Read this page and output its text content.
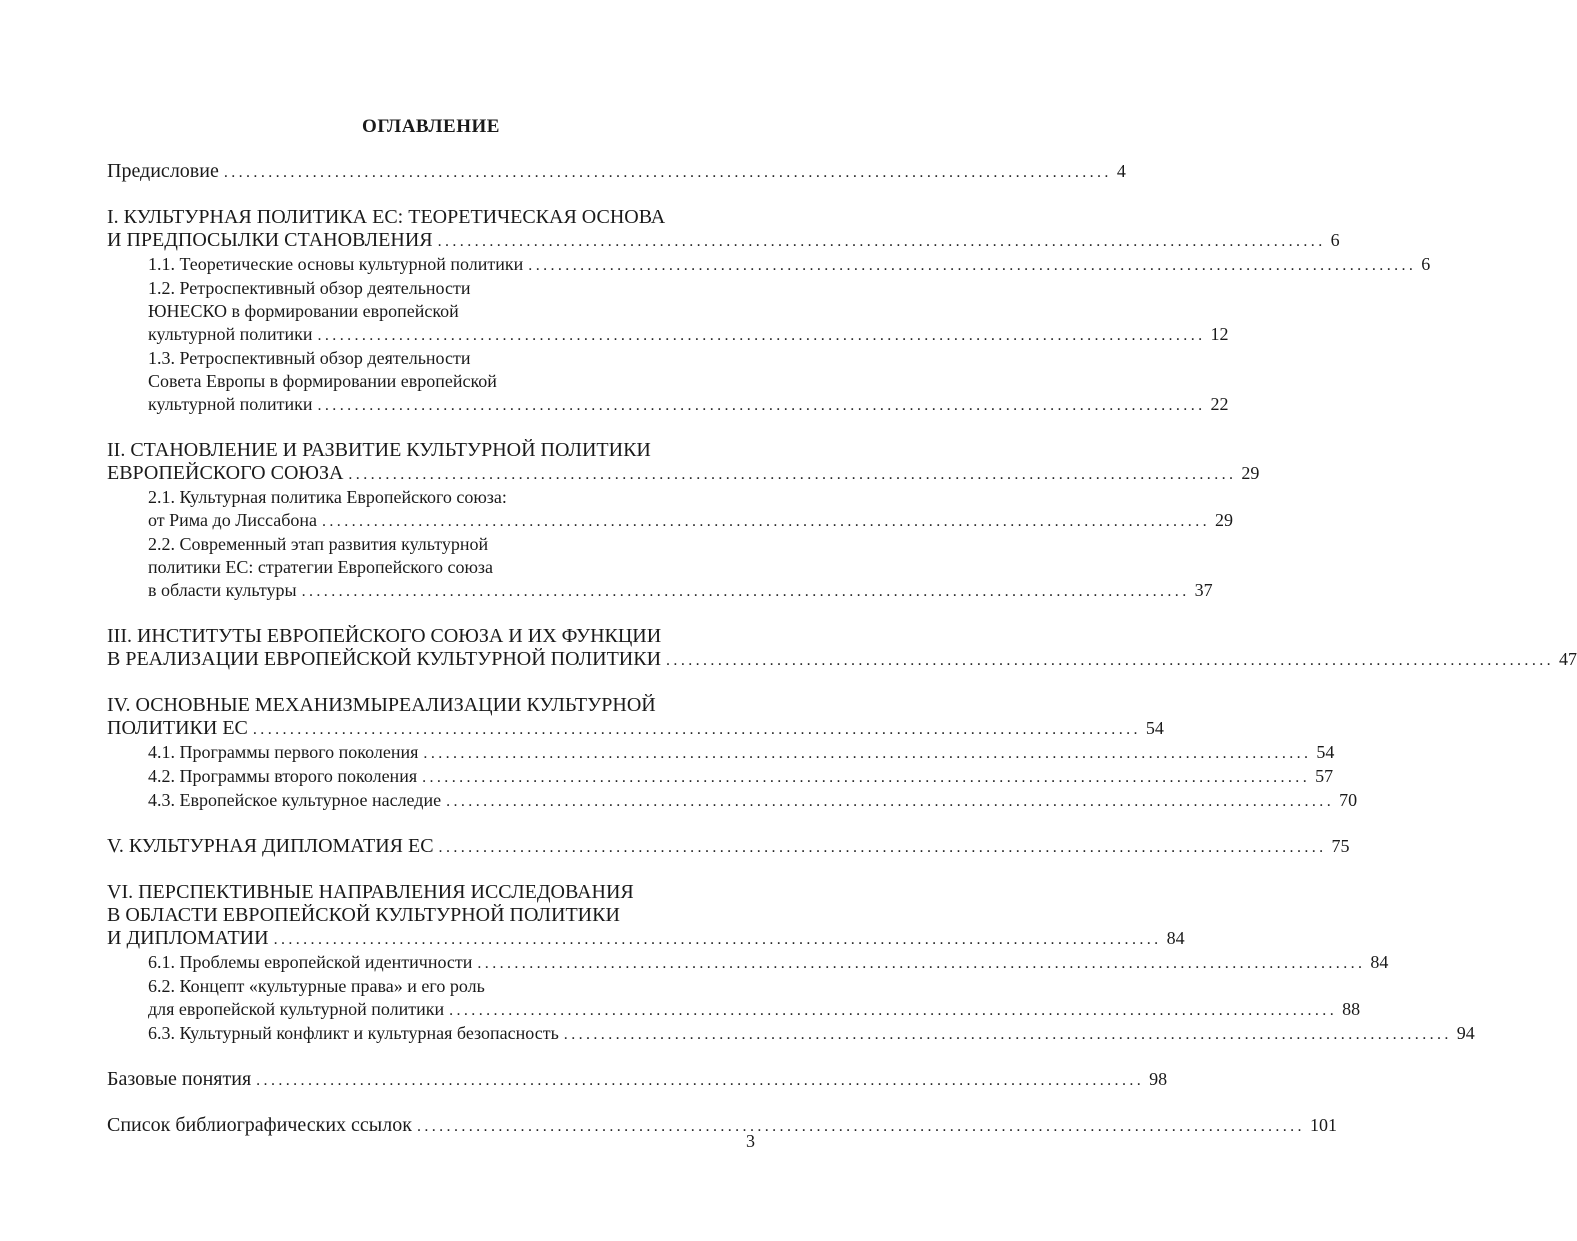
ОГЛАВЛЕНИЕ
Предисловие ........................................................................................................................ 4
I. КУЛЬТУРНАЯ ПОЛИТИКА ЕС: ТЕОРЕТИЧЕСКАЯ ОСНОВА
И ПРЕДПОСЫЛКИ СТАНОВЛЕНИЯ ........................................................................................................................ 6
1.1. Теоретические основы культурной политики ........................................................................................................................ 6
1.2. Ретроспективный обзор деятельности
ЮНЕСКО в формировании европейской
культурной политики ........................................................................................................................ 12
1.3. Ретроспективный обзор деятельности
Совета Европы в формировании европейской
культурной политики ........................................................................................................................ 22
II. СТАНОВЛЕНИЕ И РАЗВИТИЕ КУЛЬТУРНОЙ ПОЛИТИКИ
ЕВРОПЕЙСКОГО СОЮЗА ........................................................................................................................ 29
2.1. Культурная политика Европейского союза:
от Рима до Лиссабона ........................................................................................................................ 29
2.2. Современный этап развития культурной
политики ЕС: стратегии Европейского союза
в области культуры ........................................................................................................................ 37
III. ИНСТИТУТЫ ЕВРОПЕЙСКОГО СОЮЗА И ИХ ФУНКЦИИ
В РЕАЛИЗАЦИИ ЕВРОПЕЙСКОЙ КУЛЬТУРНОЙ ПОЛИТИКИ ........................................................................................................................ 47
IV. ОСНОВНЫЕ МЕХАНИЗМЫРЕАЛИЗАЦИИ КУЛЬТУРНОЙ
ПОЛИТИКИ ЕС ........................................................................................................................ 54
4.1. Программы первого поколения ........................................................................................................................ 54
4.2. Программы второго поколения ........................................................................................................................ 57
4.3. Европейское культурное наследие ........................................................................................................................ 70
V. КУЛЬТУРНАЯ ДИПЛОМАТИЯ ЕС ........................................................................................................................ 75
VI. ПЕРСПЕКТИВНЫЕ НАПРАВЛЕНИЯ ИССЛЕДОВАНИЯ
В ОБЛАСТИ ЕВРОПЕЙСКОЙ КУЛЬТУРНОЙ ПОЛИТИКИ
И ДИПЛОМАТИИ ........................................................................................................................ 84
6.1. Проблемы европейской идентичности ........................................................................................................................ 84
6.2. Концепт «культурные права» и его роль
для европейской культурной политики ........................................................................................................................ 88
6.3. Культурный конфликт и культурная безопасность ........................................................................................................................ 94
Базовые понятия ........................................................................................................................ 98
Список библиографических ссылок ........................................................................................................................ 101
3
